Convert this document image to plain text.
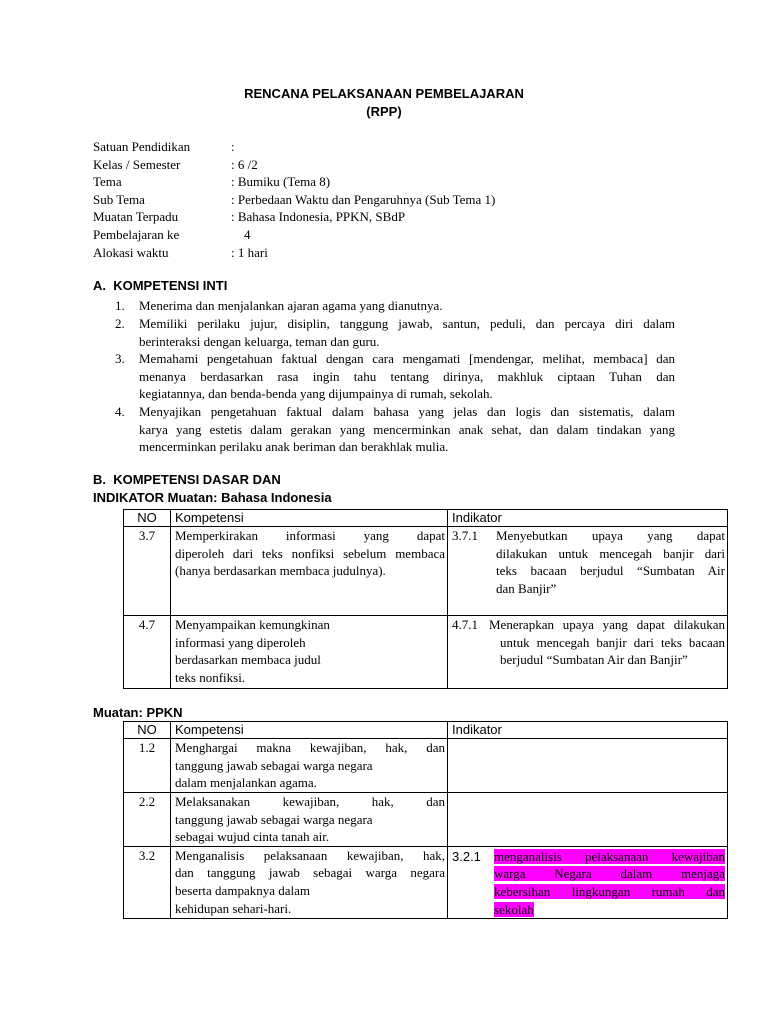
RENCANA PELAKSANAAN PEMBELAJARAN
(RPP)
Satuan Pendidikan	:
Kelas / Semester	: 6 /2
Tema	: Bumiku (Tema 8)
Sub Tema	: Perbedaan Waktu dan Pengaruhnya (Sub Tema 1)
Muatan Terpadu	: Bahasa Indonesia, PPKN, SBdP
Pembelajaran ke	4
Alokasi waktu	: 1 hari
A.  KOMPETENSI INTI
1. Menerima dan menjalankan ajaran agama yang dianutnya.
2. Memiliki perilaku jujur, disiplin, tanggung jawab, santun, peduli, dan percaya diri dalam
berinteraksi dengan keluarga, teman dan guru.
3. Memahami pengetahuan faktual dengan cara mengamati [mendengar, melihat, membaca] dan
menanya berdasarkan rasa ingin tahu tentang dirinya, makhluk ciptaan Tuhan dan
kegiatannya, dan benda-benda yang dijumpainya di rumah, sekolah.
4. Menyajikan pengetahuan faktual dalam bahasa yang jelas dan logis dan sistematis, dalam
karya yang estetis dalam gerakan yang mencerminkan anak sehat, dan dalam tindakan yang
mencerminkan perilaku anak beriman dan berakhlak mulia.
B.  KOMPETENSI DASAR DAN
INDIKATOR Muatan: Bahasa Indonesia
NO	Kompetensi	Indikator
3.7	Memperkirakan informasi yang dapat
diperoleh dari teks nonfiksi sebelum membaca
(hanya berdasarkan membaca judulnya).	3.7.1 Menyebutkan upaya yang dapat
dilakukan untuk mencegah banjir dari
teks bacaan berjudul “Sumbatan Air
dan Banjir”

4.7	Menyampaikan kemungkinan
informasi yang diperoleh
berdasarkan membaca judul
teks nonfiksi.	4.7.1 Menerapkan upaya yang dapat dilakukan
untuk mencegah banjir dari teks bacaan
berjudul “Sumbatan Air dan Banjir”
Muatan: PPKN
NO	Kompetensi	Indikator
1.2	Menghargai makna kewajiban, hak, dan
tanggung jawab sebagai warga negara
dalam menjalankan agama.	

2.2	Melaksanakan kewajiban, hak, dan
tanggung jawab sebagai warga negara
sebagai wujud cinta tanah air.	

3.2	Menganalisis pelaksanaan kewajiban, hak,
dan tanggung jawab sebagai warga negara
beserta dampaknya dalam
kehidupan sehari-hari.	3.2.1 menganalisis pelaksanaan kewajiban
warga   Negara   dalam   menjaga
kebersihan  lingkungan  rumah  dan
sekolah
